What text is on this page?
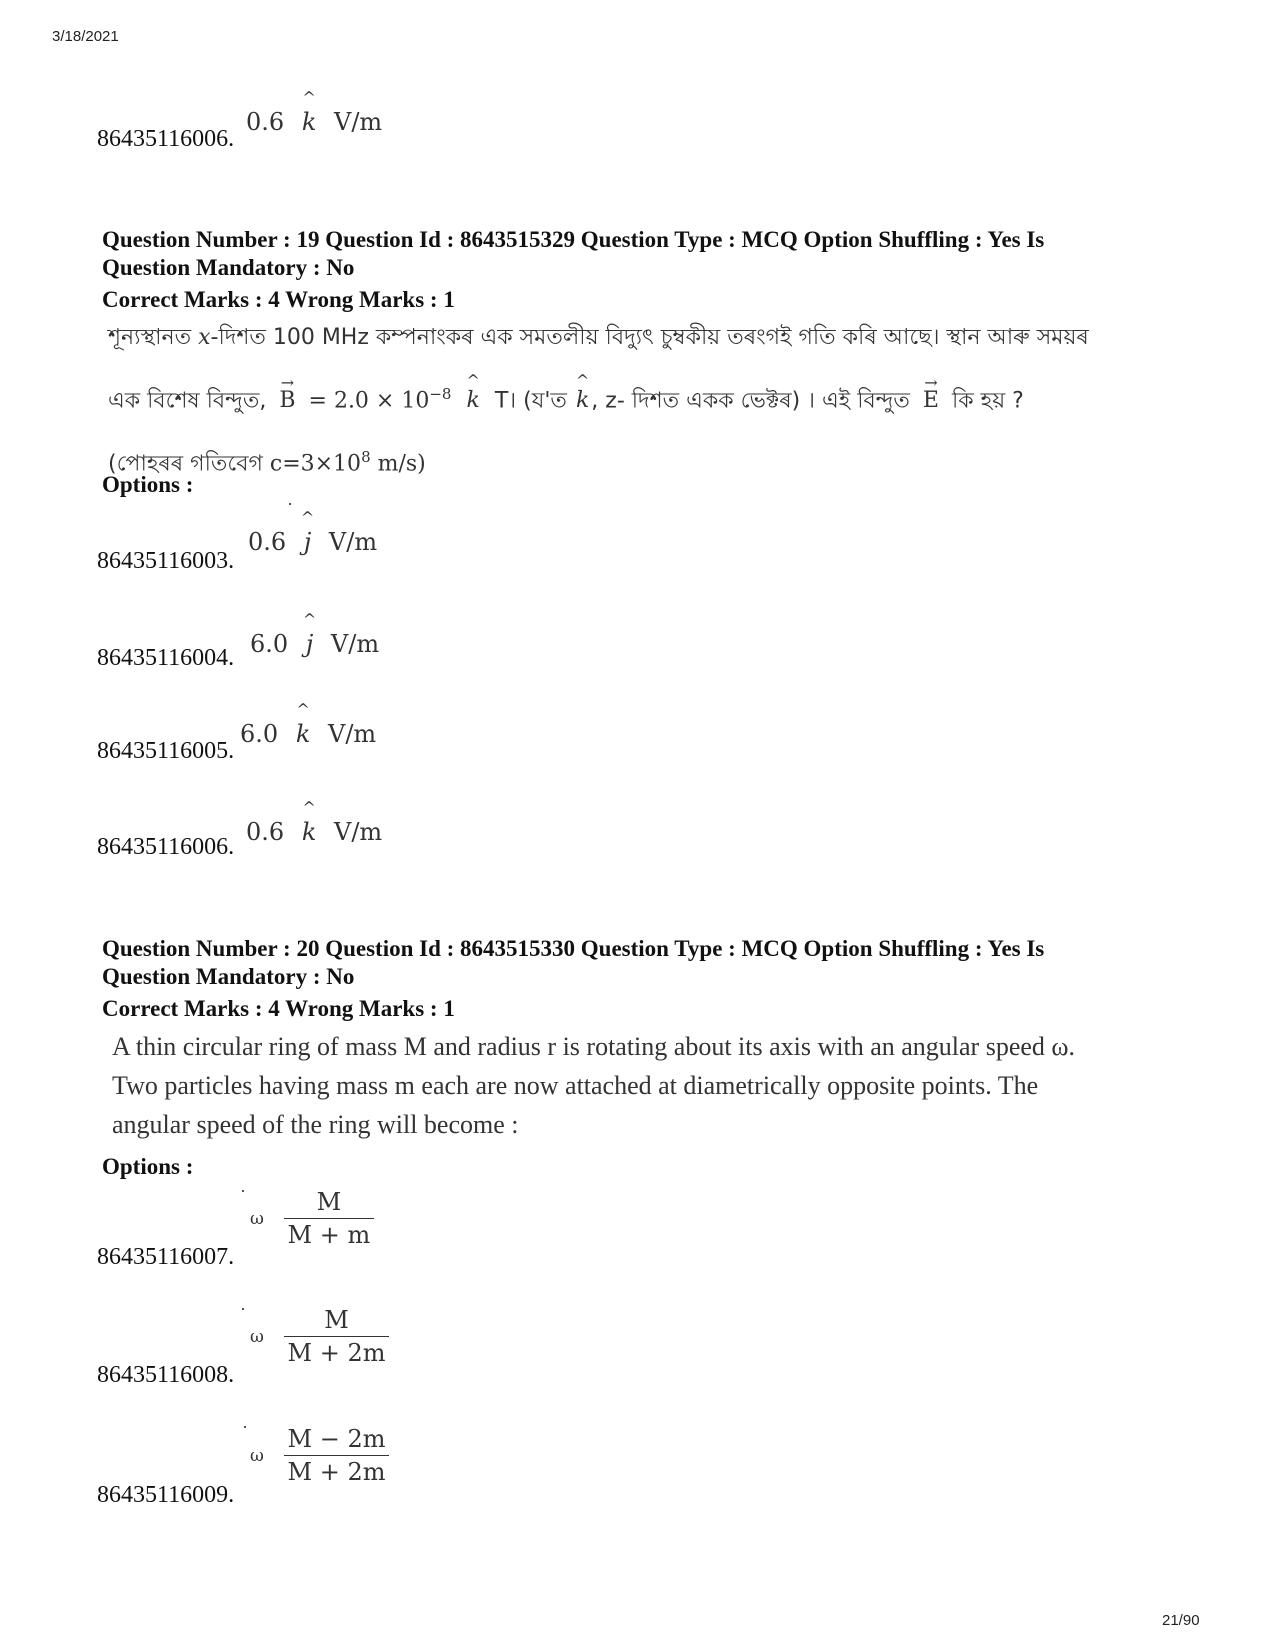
3/18/2021
86435116006.
0.6
^
k V/m
Question Number : 19 Question Id : 8643515329 Question Type : MCQ Option Shuffling : Yes Is
Question Mandatory : No
Correct Marks : 4 Wrong Marks : 1
শূন্যস্থানত x-দিশত 100 MHz কম্পনাংকৰ এক সমতলীয় বিদ্যুৎ চুম্বকীয় তৰংগই গতি কৰি আছে। স্থান আৰু সময়ৰ
এক বিশেষ বিন্দুত,
→
$B = 2.0 \times 10^{-8}$
^
k T। (য'ত
^
k, z- দিশত একক ভেক্টৰ) । এই বিন্দুত
→
E কি হয় ?
(পোহৰৰ গতিবেগ $c=3\times 10^8$ m/s)
Options :
86435116003.
0.6
^
j V/m
86435116004. 6.0
^
j V/m
86435116005.
6.0
^
k V/m
86435116006.
0.6
^
k V/m
Question Number : 20 Question Id : 8643515330 Question Type : MCQ Option Shuffling : Yes Is
Question Mandatory : No
Correct Marks : 4 Wrong Marks : 1
A thin circular ring of mass M and radius r is rotating about its axis with an angular speed ω.
Two particles having mass m each are now attached at diametrically opposite points. The
angular speed of the ring will become :
Options :
86435116007.
ω $\frac{M}{M + m}$
86435116008.
ω $\frac{M}{M + 2m}$
86435116009.
ω $\frac{M - 2m}{M + 2m}$
21/90
